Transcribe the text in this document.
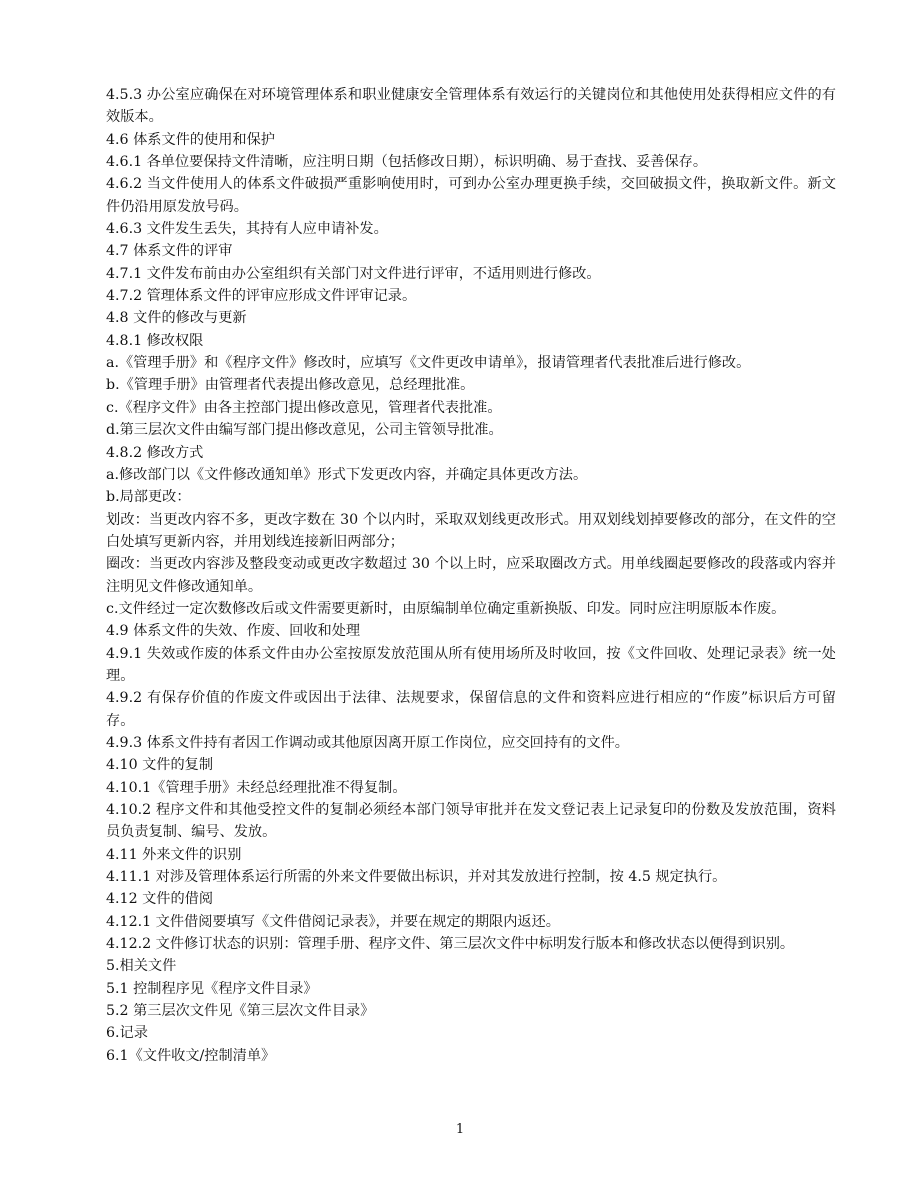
4.5.3 办公室应确保在对环境管理体系和职业健康安全管理体系有效运行的关键岗位和其他使用处获得相应文件的有效版本。

4.6 体系文件的使用和保护

4.6.1 各单位要保持文件清晰，应注明日期（包括修改日期），标识明确、易于查找、妥善保存。

4.6.2 当文件使用人的体系文件破损严重影响使用时，可到办公室办理更换手续，交回破损文件，换取新文件。新文件仍沿用原发放号码。

4.6.3 文件发生丢失，其持有人应申请补发。

4.7 体系文件的评审

4.7.1 文件发布前由办公室组织有关部门对文件进行评审，不适用则进行修改。

4.7.2 管理体系文件的评审应形成文件评审记录。

4.8 文件的修改与更新

4.8.1 修改权限

a.《管理手册》和《程序文件》修改时，应填写《文件更改申请单》，报请管理者代表批准后进行修改。

b.《管理手册》由管理者代表提出修改意见，总经理批准。

c.《程序文件》由各主控部门提出修改意见，管理者代表批准。

d.第三层次文件由编写部门提出修改意见，公司主管领导批准。

4.8.2 修改方式

a.修改部门以《文件修改通知单》形式下发更改内容，并确定具体更改方法。

b.局部更改：

划改：当更改内容不多，更改字数在 30 个以内时，采取双划线更改形式。用双划线划掉要修改的部分，在文件的空白处填写更新内容，并用划线连接新旧两部分；

圈改：当更改内容涉及整段变动或更改字数超过 30 个以上时，应采取圈改方式。用单线圈起要修改的段落或内容并注明见文件修改通知单。

c.文件经过一定次数修改后或文件需要更新时，由原编制单位确定重新换版、印发。同时应注明原版本作废。

4.9 体系文件的失效、作废、回收和处理

4.9.1 失效或作废的体系文件由办公室按原发放范围从所有使用场所及时收回，按《文件回收、处理记录表》统一处理。

4.9.2 有保存价值的作废文件或因出于法律、法规要求，保留信息的文件和资料应进行相应的“作废”标识后方可留存。

4.9.3 体系文件持有者因工作调动或其他原因离开原工作岗位，应交回持有的文件。

4.10 文件的复制

4.10.1《管理手册》未经总经理批准不得复制。

4.10.2 程序文件和其他受控文件的复制必须经本部门领导审批并在发文登记表上记录复印的份数及发放范围，资料员负责复制、编号、发放。

4.11 外来文件的识别

4.11.1 对涉及管理体系运行所需的外来文件要做出标识，并对其发放进行控制，按 4.5 规定执行。

4.12 文件的借阅

4.12.1 文件借阅要填写《文件借阅记录表》，并要在规定的期限内返还。

4.12.2 文件修订状态的识别：管理手册、程序文件、第三层次文件中标明发行版本和修改状态以便得到识别。

5.相关文件

5.1 控制程序见《程序文件目录》

5.2 第三层次文件见《第三层次文件目录》

6.记录

6.1《文件收文/控制清单》

1
